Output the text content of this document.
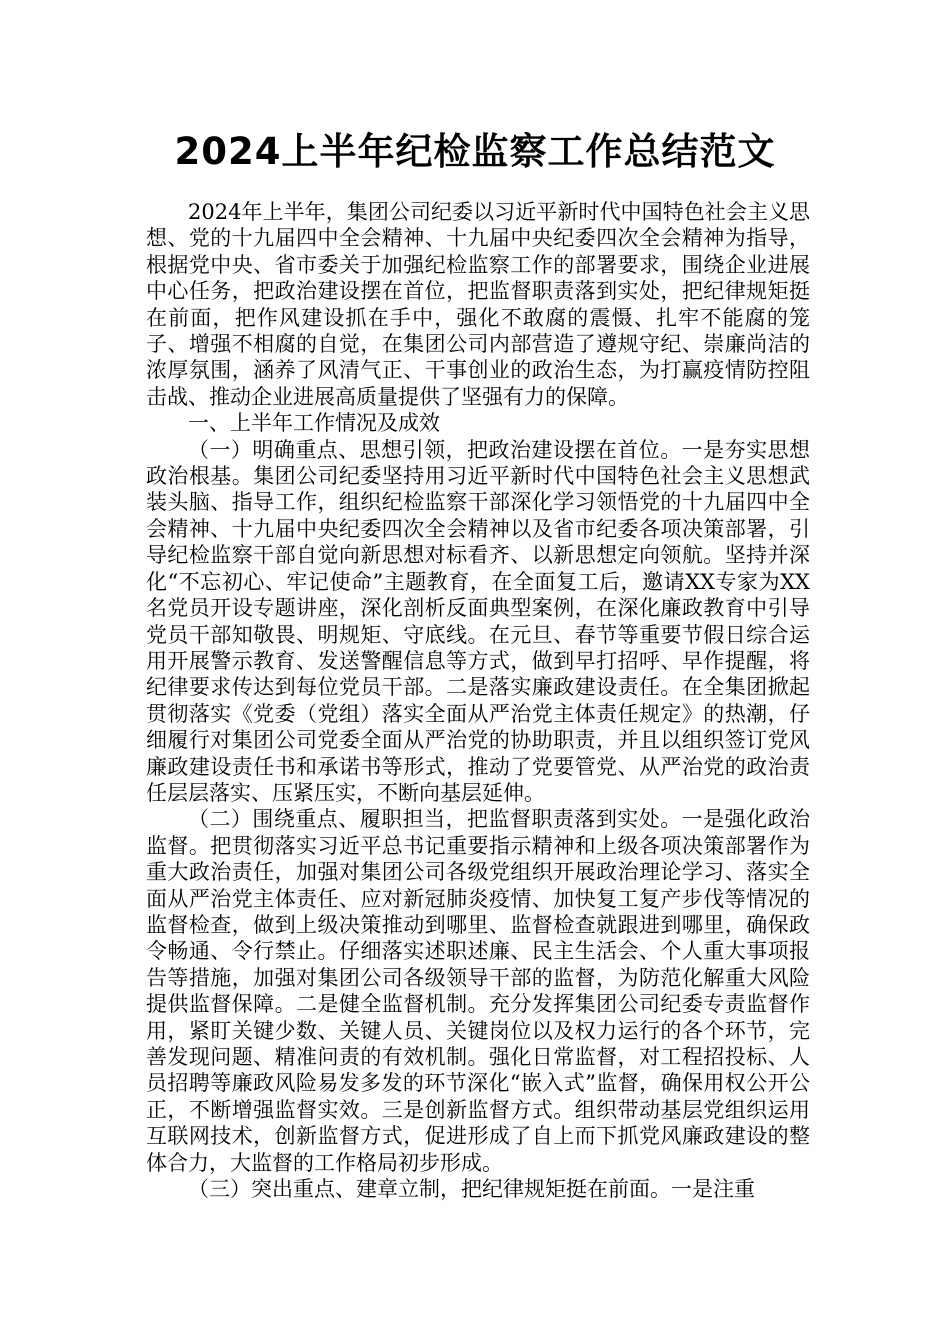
2024上半年纪检监察工作总结范文

2024年上半年，集团公司纪委以习近平新时代中国特色社会主义思想、党的十九届四中全会精神、十九届中央纪委四次全会精神为指导，根据党中央、省市委关于加强纪检监察工作的部署要求，围绕企业进展中心任务，把政治建设摆在首位，把监督职责落到实处，把纪律规矩挺在前面，把作风建设抓在手中，强化不敢腐的震慑、扎牢不能腐的笼子、增强不相腐的自觉，在集团公司内部营造了遵规守纪、崇廉尚洁的浓厚氛围，涵养了风清气正、干事创业的政治生态，为打赢疫情防控阻击战、推动企业进展高质量提供了坚强有力的保障。

一、上半年工作情况及成效

（一）明确重点、思想引领，把政治建设摆在首位。一是夯实思想政治根基。集团公司纪委坚持用习近平新时代中国特色社会主义思想武装头脑、指导工作，组织纪检监察干部深化学习领悟党的十九届四中全会精神、十九届中央纪委四次全会精神以及省市纪委各项决策部署，引导纪检监察干部自觉向新思想对标看齐、以新思想定向领航。坚持并深化“不忘初心、牢记使命”主题教育，在全面复工后，邀请XX专家为XX名党员开设专题讲座，深化剖析反面典型案例，在深化廉政教育中引导党员干部知敬畏、明规矩、守底线。在元旦、春节等重要节假日综合运用开展警示教育、发送警醒信息等方式，做到早打招呼、早作提醒，将纪律要求传达到每位党员干部。二是落实廉政建设责任。在全集团掀起贯彻落实《党委（党组）落实全面从严治党主体责任规定》的热潮，仔细履行对集团公司党委全面从严治党的协助职责，并且以组织签订党风廉政建设责任书和承诺书等形式，推动了党要管党、从严治党的政治责任层层落实、压紧压实，不断向基层延伸。

（二）围绕重点、履职担当，把监督职责落到实处。一是强化政治监督。把贯彻落实习近平总书记重要指示精神和上级各项决策部署作为重大政治责任，加强对集团公司各级党组织开展政治理论学习、落实全面从严治党主体责任、应对新冠肺炎疫情、加快复工复产步伐等情况的监督检查，做到上级决策推动到哪里、监督检查就跟进到哪里，确保政令畅通、令行禁止。仔细落实述职述廉、民主生活会、个人重大事项报告等措施，加强对集团公司各级领导干部的监督，为防范化解重大风险提供监督保障。二是健全监督机制。充分发挥集团公司纪委专责监督作用，紧盯关键少数、关键人员、关键岗位以及权力运行的各个环节，完善发现问题、精准问责的有效机制。强化日常监督，对工程招投标、人员招聘等廉政风险易发多发的环节深化“嵌入式”监督，确保用权公开公正，不断增强监督实效。三是创新监督方式。组织带动基层党组织运用互联网技术，创新监督方式，促进形成了自上而下抓党风廉政建设的整体合力，大监督的工作格局初步形成。

（三）突出重点、建章立制，把纪律规矩挺在前面。一是注重
